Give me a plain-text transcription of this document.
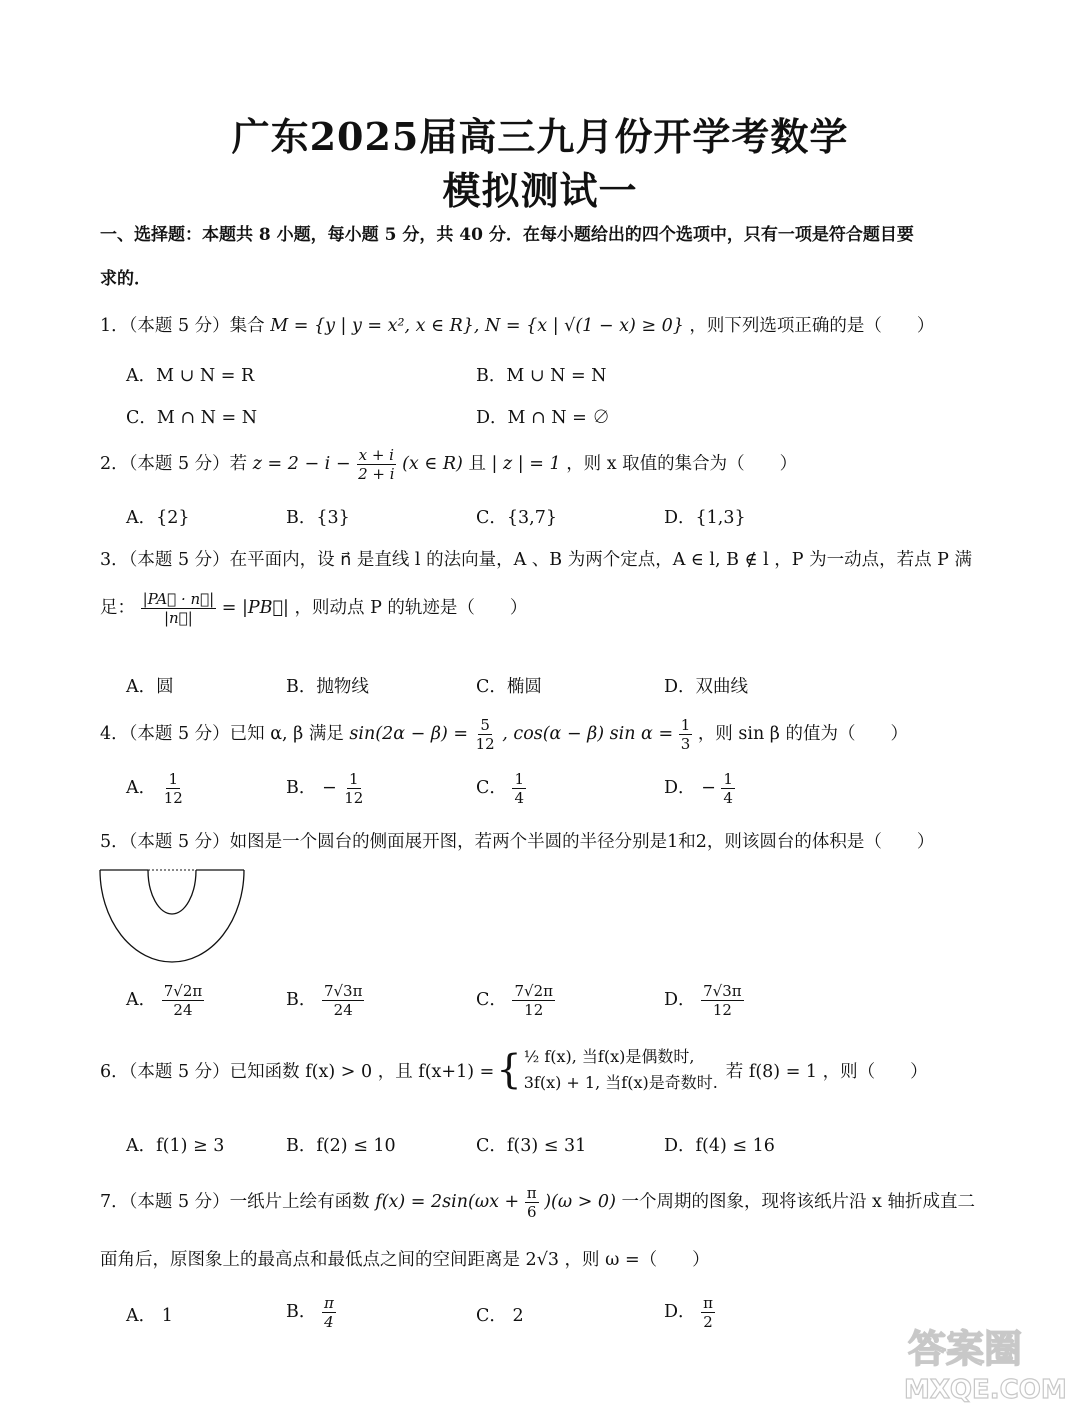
广东2025届高三九月份开学考数学
模拟测试一
一、选择题：本题共 8 小题，每小题 5 分，共 40 分．在每小题给出的四个选项中，只有一项是符合题目要
求的．
1．（本题 5 分）集合 M = {y | y = x², x ∈ R}, N = {x | √(1 − x) ≥ 0} ，则下列选项正确的是（　　）
A．M ∪ N = R	B．M ∪ N = N
C．M ∩ N = N	D．M ∩ N = ∅
2．（本题 5 分）若 $z = 2 - i - \frac{x + i}{2 + i} (x$ ∈ R) 且 | z | = 1 ，则 x 取值的集合为（　　）
A．{2}	B．{3}	C．{3,7}	D．{1,3}
3．（本题 5 分）在平面内，设 n⃗ 是直线 l 的法向量，A 、B 为两个定点，A ∈ l, B ∉ l ，P 为一动点，若点 P 满
足： $\frac{|PA⃗ \cdot n⃗|}{|n⃗|}$ = |PB⃗| ，则动点 P 的轨迹是（　　）
A．圆	B．抛物线	C．椭圆	D．双曲线
4．（本题 5 分）已知 α, β 满足 $\sin(2\alpha - \beta) = \frac{5}{12}$ , cos(α − β) $\sin \alpha = \frac{1}{3}$ ，则 sin β 的值为（　　）
A． $\frac{1}{12}$	B． − $\frac{1}{12}$	C． $\frac{1}{4}$	D． − $\frac{1}{4}$
5．（本题 5 分）如图是一个圆台的侧面展开图，若两个半圆的半径分别是1和2，则该圆台的体积是（　　）
A． $\frac{7√2\pi}{24}$	B． $\frac{7√3\pi}{24}$	C． $\frac{7√2\pi}{12}$	D． $\frac{7√3\pi}{12}$
6．（本题 5 分）已知函数 f(x) > 0 ，且 f(x+1) = { ½ f(x), 当f(x)是偶数时,
3f(x) + 1, 当f(x)是奇数时.
若 f(8) = 1 ，则（　　）
A．f(1) ≥ 3	B．f(2) ≤ 10	C．f(3) ≤ 31	D．f(4) ≤ 16
7．（本题 5 分）一纸片上绘有函数 $f(x) = 2\sin(\omega x + \frac{\pi}{6} )(\omega > 0)$ 一个周期的图象，现将该纸片沿 x 轴折成直二
面角后，原图象上的最高点和最低点之间的空间距离是 2√3 ，则 ω =（　　）
A． 1	B． $\frac{\pi}{4}$	C． 2	D． $\frac{\pi}{2}$
答案圈
MXQE.COM
